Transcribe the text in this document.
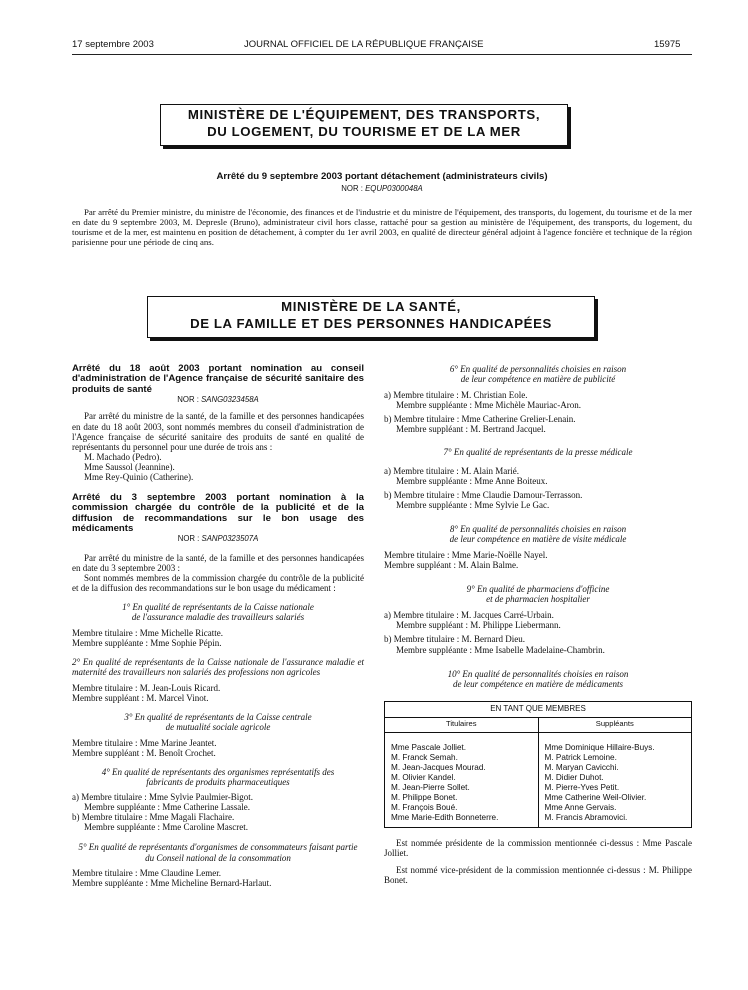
17 septembre 2003	JOURNAL OFFICIEL DE LA RÉPUBLIQUE FRANÇAISE	15975
MINISTÈRE DE L'ÉQUIPEMENT, DES TRANSPORTS,
DU LOGEMENT, DU TOURISME ET DE LA MER
Arrêté du 9 septembre 2003 portant détachement (administrateurs civils)
NOR : EQUP0300048A

Par arrêté du Premier ministre, du ministre de l'économie, des finances et de l'industrie et du ministre de l'équipement, des transports, du logement, du tourisme et de la mer en date du 9 septembre 2003, M. Depresle (Bruno), administrateur civil hors classe, rattaché pour sa gestion au ministère de l'équipement, des transports, du logement, du tourisme et de la mer, est maintenu en position de détachement, à compter du 1er avril 2003, en qualité de directeur général adjoint à l'agence foncière et technique de la région parisienne pour une période de cinq ans.

MINISTÈRE DE LA SANTÉ,
DE LA FAMILLE ET DES PERSONNES HANDICAPÉES
Arrêté du 18 août 2003 portant nomination au conseil d'administration de l'Agence française de sécurité sanitaire des produits de santé
NOR : SANG0323458A

Par arrêté du ministre de la santé, de la famille et des personnes handicapées en date du 18 août 2003, sont nommés membres du conseil d'administration de l'Agence française de sécurité sanitaire des produits de santé en qualité de représentants du personnel pour une durée de trois ans :

M. Machado (Pedro).
Mme Saussol (Jeannine).
Mme Rey-Quinio (Catherine).
Arrêté du 3 septembre 2003 portant nomination à la commission chargée du contrôle de la publicité et de la diffusion de recommandations sur le bon usage des médicaments
NOR : SANP0323507A

Par arrêté du ministre de la santé, de la famille et des personnes handicapées en date du 3 septembre 2003 :

Sont nommés membres de la commission chargée du contrôle de la publicité et de la diffusion des recommandations sur le bon usage du médicament :

1° En qualité de représentants de la Caisse nationale
de l'assurance maladie des travailleurs salariés
Membre titulaire : Mme Michelle Ricatte.
Membre suppléante : Mme Sophie Pépin.
2° En qualité de représentants de la Caisse nationale de l'assurance maladie et maternité des travailleurs non salariés des professions non agricoles
Membre titulaire : M. Jean-Louis Ricard.
Membre suppléant : M. Marcel Vinot.
3° En qualité de représentants de la Caisse centrale
de mutualité sociale agricole
Membre titulaire : Mme Marine Jeantet.
Membre suppléant : M. Benoît Crochet.
4° En qualité de représentants des organismes représentatifs des fabricants de produits pharmaceutiques
a) Membre titulaire : Mme Sylvie Paulmier-Bigot.
Membre suppléante : Mme Catherine Lassale.
b) Membre titulaire : Mme Magali Flachaire.
Membre suppléante : Mme Caroline Mascret.
5° En qualité de représentants d'organismes de consommateurs faisant partie du Conseil national de la consommation
Membre titulaire : Mme Claudine Lemer.
Membre suppléante : Mme Micheline Bernard-Harlaut.
6° En qualité de personnalités choisies en raison
de leur compétence en matière de publicité
a) Membre titulaire : M. Christian Eole.
Membre suppléante : Mme Michèle Mauriac-Aron.
b) Membre titulaire : Mme Catherine Grelier-Lenain.
Membre suppléant : M. Bertrand Jacquel.
7° En qualité de représentants de la presse médicale
a) Membre titulaire : M. Alain Marié.
Membre suppléante : Mme Anne Boiteux.
b) Membre titulaire : Mme Claudie Damour-Terrasson.
Membre suppléante : Mme Sylvie Le Gac.
8° En qualité de personnalités choisies en raison
de leur compétence en matière de visite médicale
Membre titulaire : Mme Marie-Noëlle Nayel.
Membre suppléant : M. Alain Balme.
9° En qualité de pharmaciens d'officine
et de pharmacien hospitalier
a) Membre titulaire : M. Jacques Carré-Urbain.
Membre suppléant : M. Philippe Liebermann.
b) Membre titulaire : M. Bernard Dieu.
Membre suppléante : Mme Isabelle Madelaine-Chambrin.
10° En qualité de personnalités choisies en raison
de leur compétence en matière de médicaments
EN TANT QUE MEMBRES
Titulaires
Mme Pascale Jolliet.
M. Franck Semah.
M. Jean-Jacques Mourad.
M. Olivier Kandel.
M. Jean-Pierre Sollet.
M. Philippe Bonet.
M. François Boué.
Mme Marie-Edith Bonneterre.
Suppléants
Mme Dominique Hillaire-Buys.
M. Patrick Lemoine.
M. Maryan Cavicchi.
M. Didier Duhot.
M. Pierre-Yves Petit.
Mme Catherine Weil-Olivier.
Mme Anne Gervais.
M. Francis Abramovici.

Est nommée présidente de la commission mentionnée ci-dessus : Mme Pascale Jolliet.

Est nommé vice-président de la commission mentionnée ci-dessus : M. Philippe Bonet.
